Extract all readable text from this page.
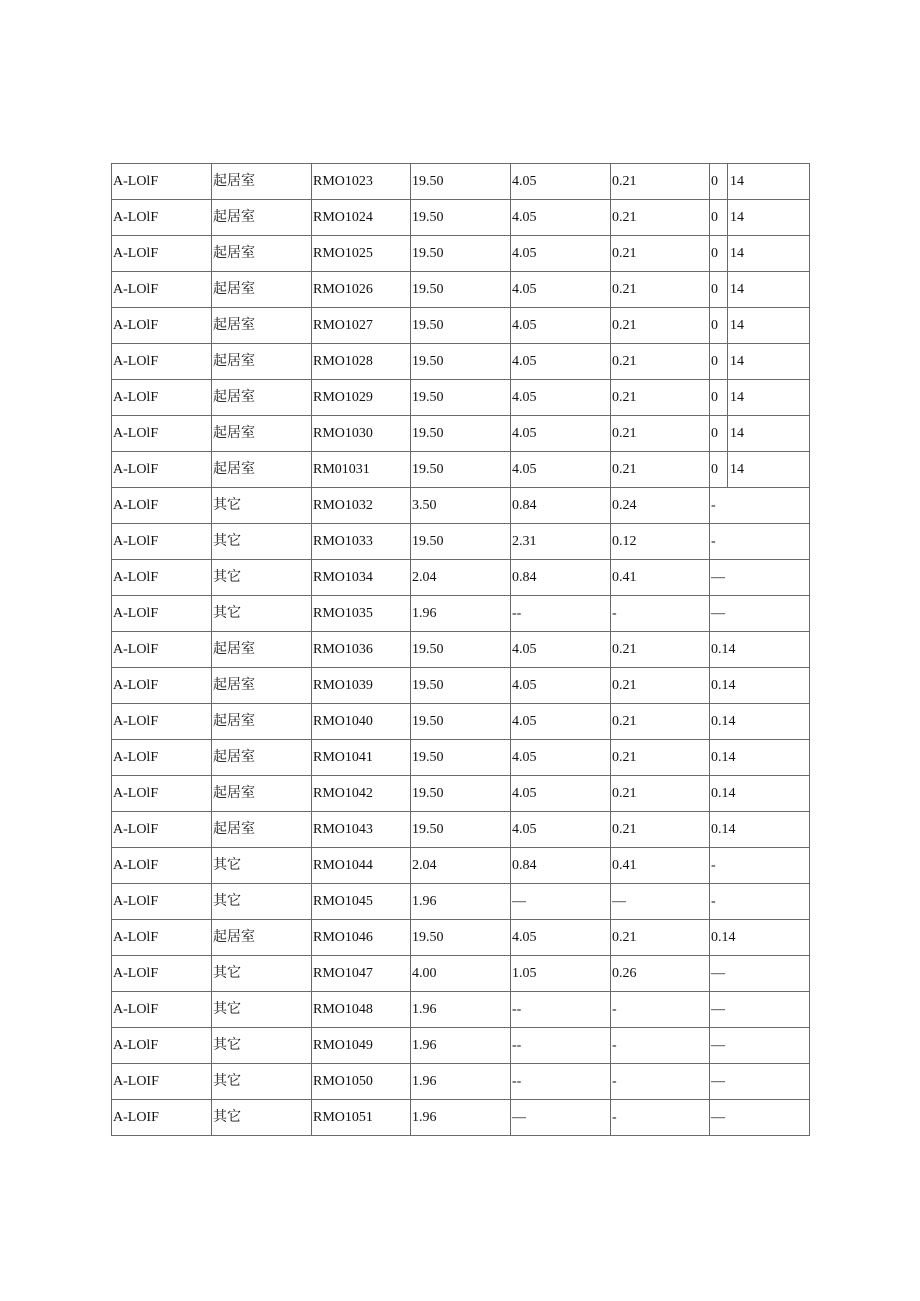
A-LOlF	起居室	RMO1023	19.50	4.05	0.21	0 14

A-LOlF	起居室	RMO1024	19.50	4.05	0.21	0 14

A-LOlF	起居室	RMO1025	19.50	4.05	0.21	0 14

A-LOlF	起居室	RMO1026	19.50	4.05	0.21	0 14

A-LOlF	起居室	RMO1027	19.50	4.05	0.21	0 14

A-LOlF	起居室	RMO1028	19.50	4.05	0.21	0 14

A-LOlF	起居室	RMO1029	19.50	4.05	0.21	0 14

A-LOlF	起居室	RMO1030	19.50	4.05	0.21	0 14

A-LOlF	起居室	RM01031	19.50	4.05	0.21	0 14

A-LOlF	其它	RMO1032	3.50	0.84	0.24	-
A-LOlF	其它	RMO1033	19.50	2.31	0.12	-
A-LOlF	其它	RMO1034	2.04	0.84	0.41	—
A-LOlF	其它	RMO1035	1.96	--	-	—
A-LOlF	起居室	RMO1036	19.50	4.05	0.21	0.14
A-LOlF	起居室	RMO1039	19.50	4.05	0.21	0.14
A-LOlF	起居室	RMO1040	19.50	4.05	0.21	0.14
A-LOlF	起居室	RMO1041	19.50	4.05	0.21	0.14
A-LOlF	起居室	RMO1042	19.50	4.05	0.21	0.14
A-LOlF	起居室	RMO1043	19.50	4.05	0.21	0.14
A-LOlF	其它	RMO1044	2.04	0.84	0.41	-
A-LOlF	其它	RMO1045	1.96	—	—	-
A-LOlF	起居室	RMO1046	19.50	4.05	0.21	0.14
A-LOlF	其它	RMO1047	4.00	1.05	0.26	—
A-LOlF	其它	RMO1048	1.96	--	-	—
A-LOlF	其它	RMO1049	1.96	--	-	—
A-LOIF	其它	RMO1050	1.96	--	-	—
A-LOIF	其它	RMO1051	1.96	—	-	—
